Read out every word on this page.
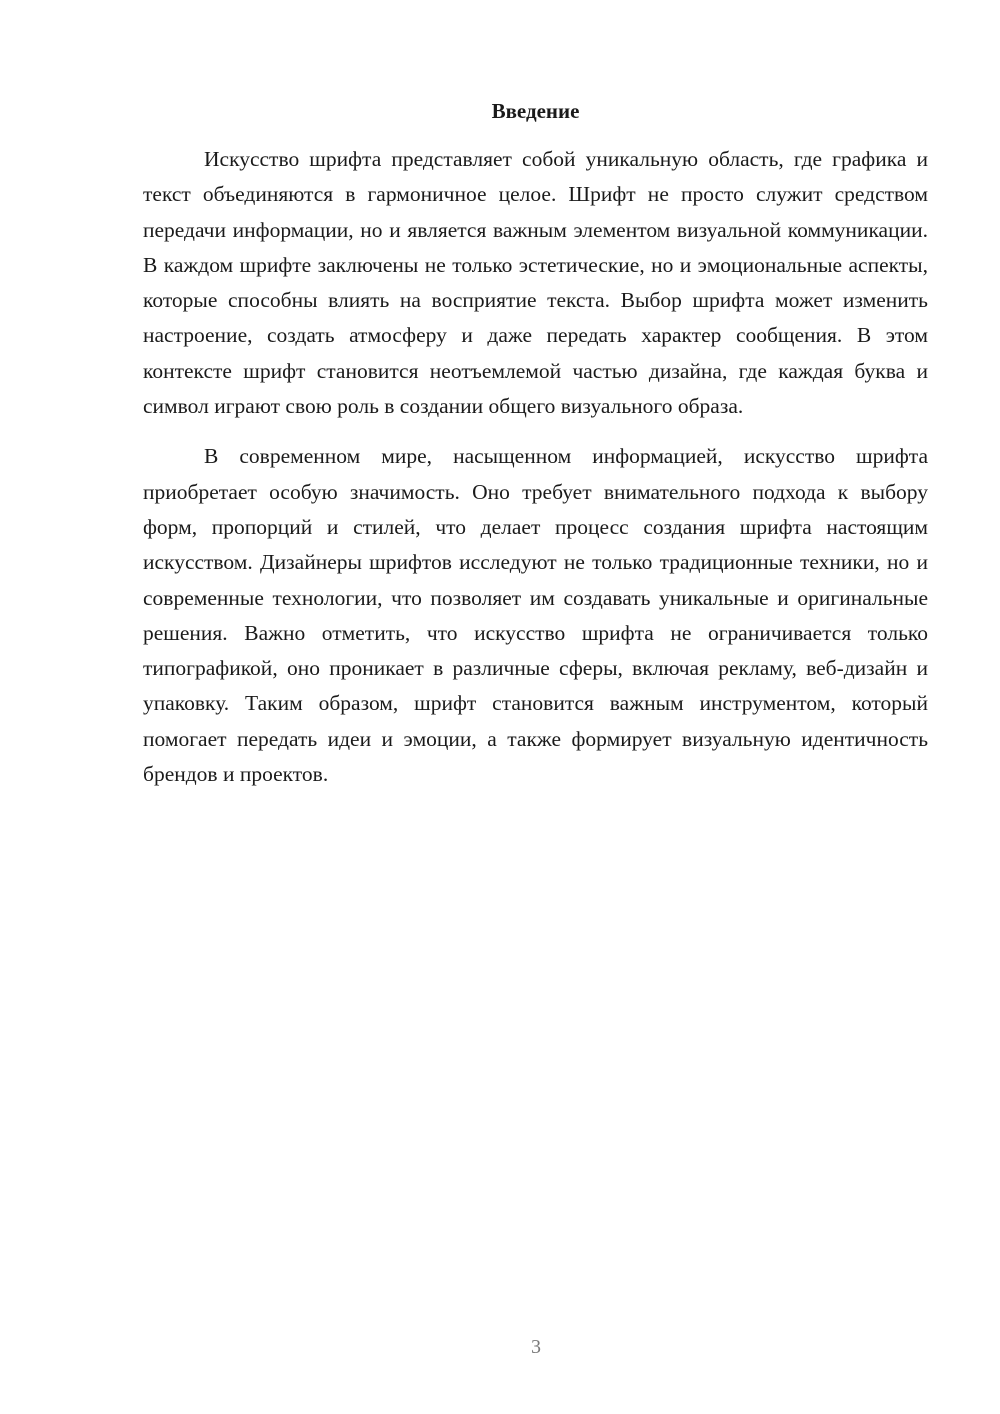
Введение

Искусство шрифта представляет собой уникальную область, где графика и текст объединяются в гармоничное целое. Шрифт не просто служит средством передачи информации, но и является важным элементом визуальной коммуникации. В каждом шрифте заключены не только эстетические, но и эмоциональные аспекты, которые способны влиять на восприятие текста. Выбор шрифта может изменить настроение, создать атмосферу и даже передать характер сообщения. В этом контексте шрифт становится неотъемлемой частью дизайна, где каждая буква и символ играют свою роль в создании общего визуального образа.

В современном мире, насыщенном информацией, искусство шрифта приобретает особую значимость. Оно требует внимательного подхода к выбору форм, пропорций и стилей, что делает процесс создания шрифта настоящим искусством. Дизайнеры шрифтов исследуют не только традиционные техники, но и современные технологии, что позволяет им создавать уникальные и оригинальные решения. Важно отметить, что искусство шрифта не ограничивается только типографикой, оно проникает в различные сферы, включая рекламу, веб-дизайн и упаковку. Таким образом, шрифт становится важным инструментом, который помогает передать идеи и эмоции, а также формирует визуальную идентичность брендов и проектов.

3
